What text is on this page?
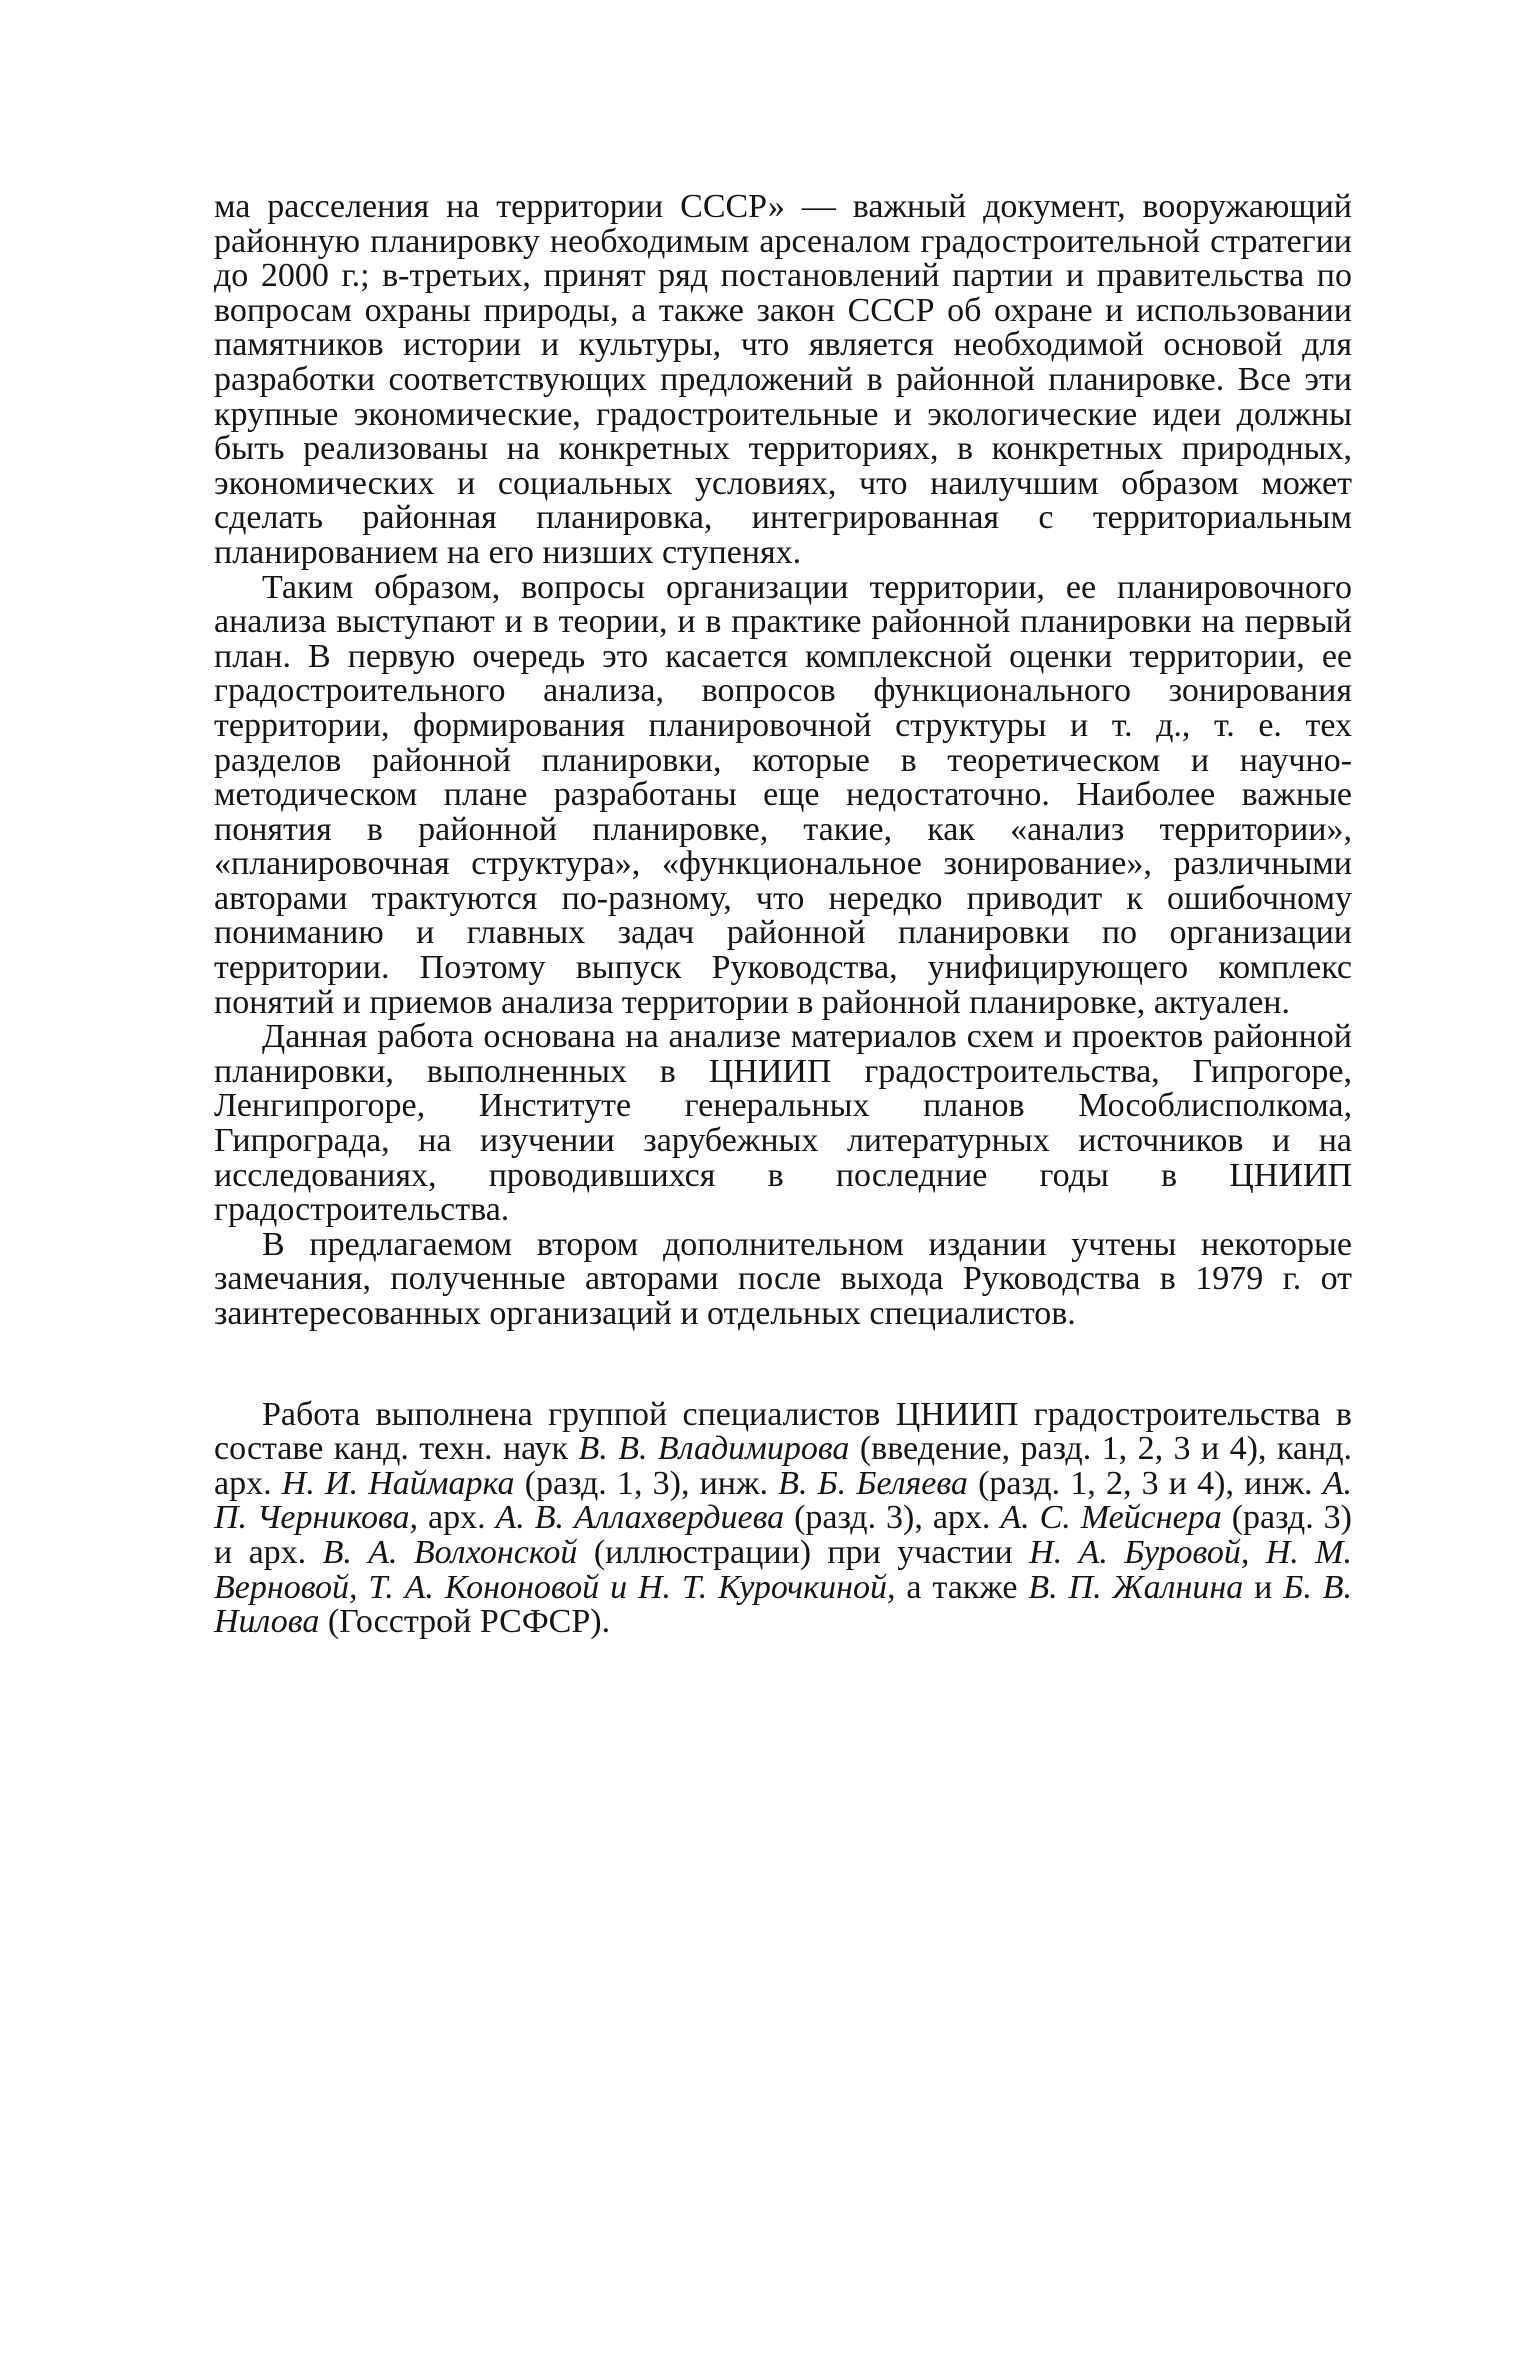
ма расселения на территории СССР» — важный документ, вооружающий районную планировку необходимым арсеналом градостроительной стратегии до 2000 г.; в-третьих, принят ряд постановлений партии и правительства по вопросам охраны природы, а также закон СССР об охране и использовании памятников истории и культуры, что является необходимой основой для разработки соответствующих предложений в районной планировке. Все эти крупные экономические, градостроительные и экологические идеи должны быть реализованы на конкретных территориях, в конкретных природных, экономических и социальных условиях, что наилучшим образом может сделать районная планировка, интегрированная с территориальным планированием на его низших ступенях.

Таким образом, вопросы организации территории, ее планировочного анализа выступают и в теории, и в практике районной планировки на первый план. В первую очередь это касается комплексной оценки территории, ее градостроительного анализа, вопросов функционального зонирования территории, формирования планировочной структуры и т. д., т. е. тех разделов районной планировки, которые в теоретическом и научно-методическом плане разработаны еще недостаточно. Наиболее важные понятия в районной планировке, такие, как «анализ территории», «планировочная структура», «функциональное зонирование», различными авторами трактуются по-разному, что нередко приводит к ошибочному пониманию и главных задач районной планировки по организации территории. Поэтому выпуск Руководства, унифицирующего комплекс понятий и приемов анализа территории в районной планировке, актуален.

Данная работа основана на анализе материалов схем и проектов районной планировки, выполненных в ЦНИИП градостроительства, Гипрогоре, Ленгипрогоре, Институте генеральных планов Мособлисполкома, Гипрограда, на изучении зарубежных литературных источников и на исследованиях, проводившихся в последние годы в ЦНИИП градостроительства.

В предлагаемом втором дополнительном издании учтены некоторые замечания, полученные авторами после выхода Руководства в 1979 г. от заинтересованных организаций и отдельных специалистов.

Работа выполнена группой специалистов ЦНИИП градостроительства в составе канд. техн. наук В. В. Владимирова (введение, разд. 1, 2, 3 и 4), канд. арх. Н. И. Наймарка (разд. 1, 3), инж. В. Б. Беляева (разд. 1, 2, 3 и 4), инж. А. П. Черникова, арх. А. В. Аллахвердиева (разд. 3), арх. А. С. Мейснера (разд. 3) и арх. В. А. Волхонской (иллюстрации) при участии Н. А. Буровой, Н. М. Верновой, Т. А. Кононовой и Н. Т. Курочкиной, а также В. П. Жалнина и Б. В. Нилова (Госстрой РСФСР).
